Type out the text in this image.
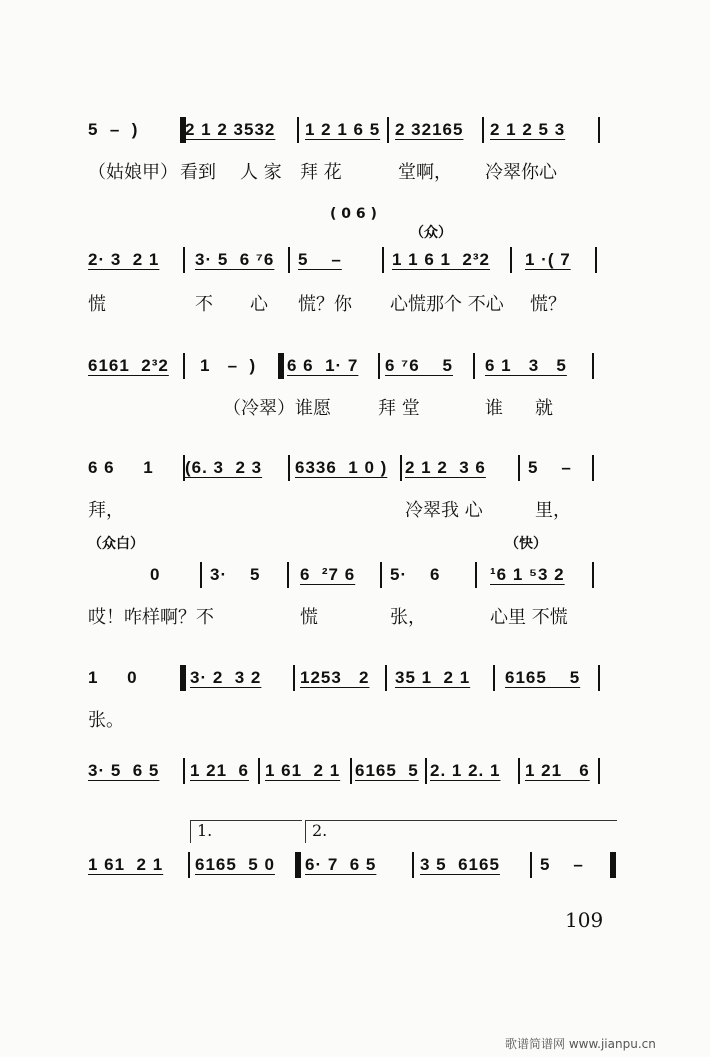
5  –  )	2 1 2 3532 1 2 1 6 5 2 32165 2 1 2 5 3
（姑娘甲） 看到 人 家 拜 花	堂啊， 冷翠你心
2· 3  2 1 3· 5  6 ⁷6 5    –	1 1 6 1  2³2 1 ·( 7
慌	不 心 慌？你 心慌那个 不心 慌？
( 0 6 )
（众）
6161  2³2 1   –  ) 6 6  1· 7 6 ⁷6    5 6 1   3   5
（冷翠）谁愿	拜 堂	谁 就
6 6     1 (6. 3  2 3 6336  1 0 ) 2 1 2  3 6 5    –
拜，	冷翠我 心	里，
0	3·    5 6  ²7 6 5·    6	¹6 1 ⁵3 2
哎！咋样啊？不	慌	张，	心里 不慌
（众白）	（快）
1     0	3· 2  3 2 1253   2 35 1  2 1 6165    5
张。
3· 5  6 5 1 21  6 1 61  2 1 6165  5 2. 1 2. 1 1 21   6
1 61  2 1 6165  5 0 6· 7  6 5	3 5  6165 5    –
1.	2.
109
歌谱简谱网 www.jianpu.cn
